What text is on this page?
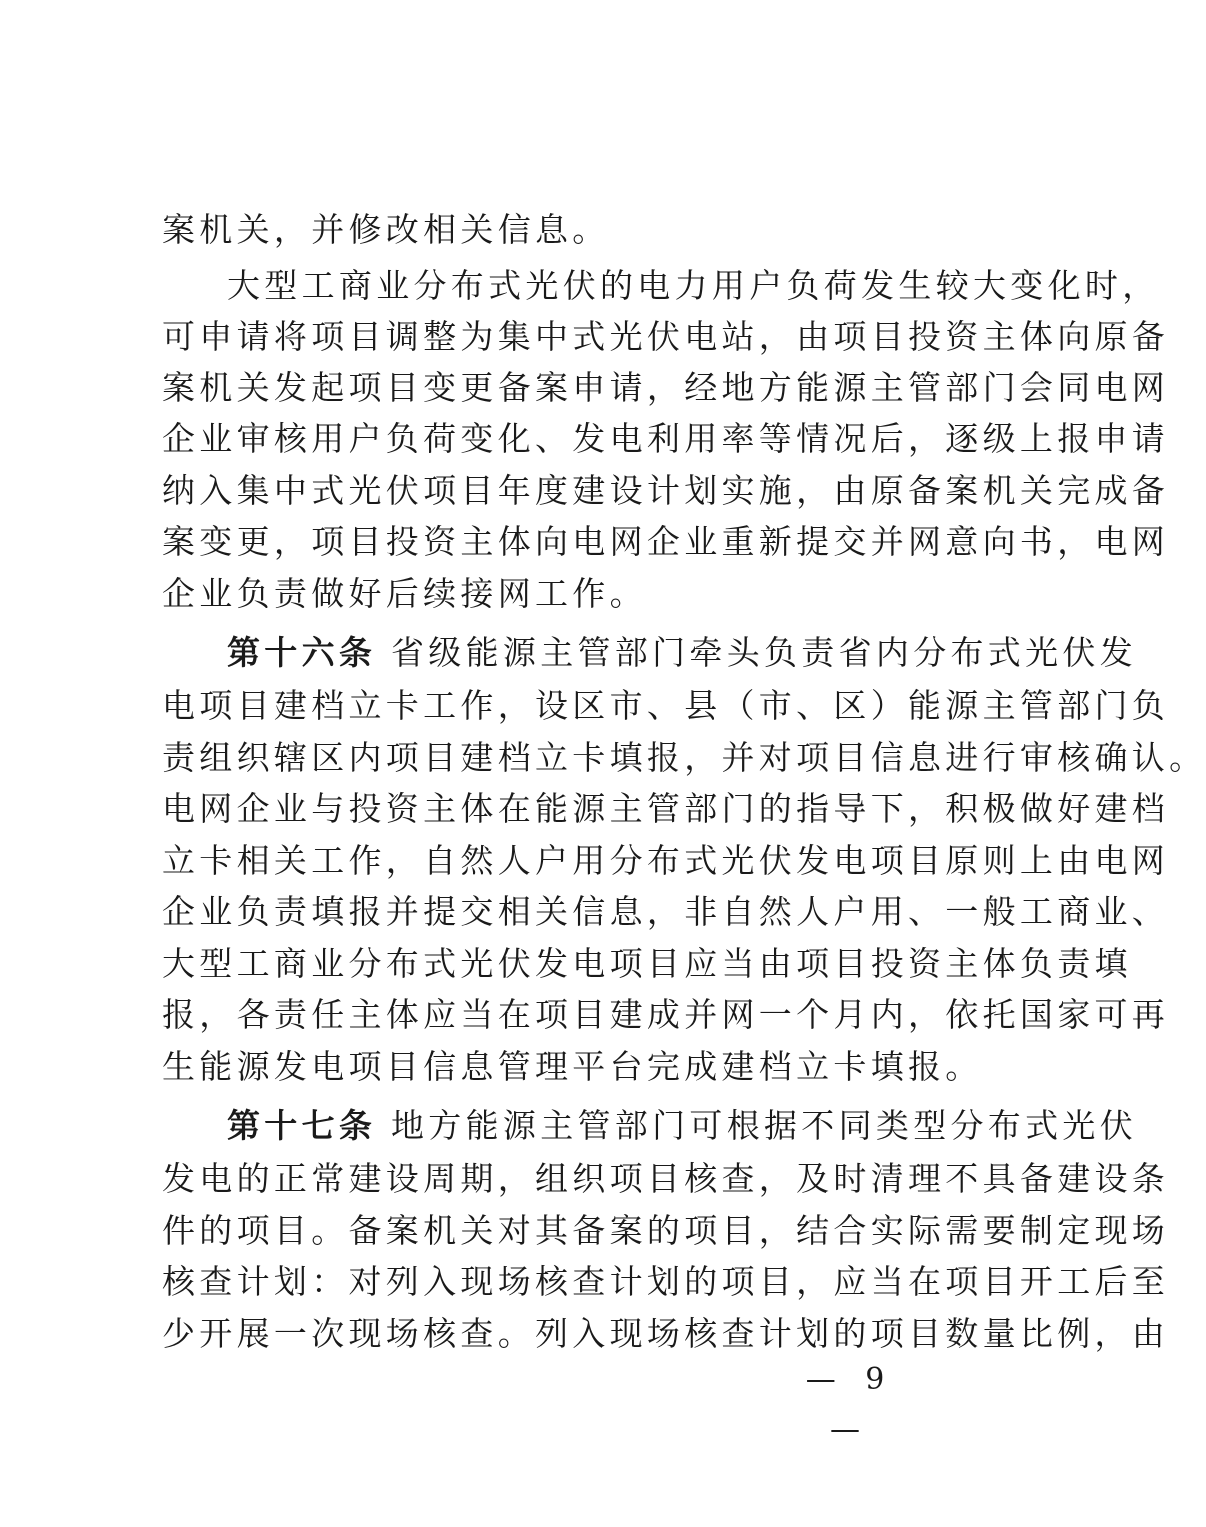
案机关，并修改相关信息。
大型工商业分布式光伏的电力用户负荷发生较大变化时，
可申请将项目调整为集中式光伏电站，由项目投资主体向原备
案机关发起项目变更备案申请，经地方能源主管部门会同电网
企业审核用户负荷变化、发电利用率等情况后，逐级上报申请
纳入集中式光伏项目年度建设计划实施，由原备案机关完成备
案变更，项目投资主体向电网企业重新提交并网意向书，电网
企业负责做好后续接网工作。
第十六条 省级能源主管部门牵头负责省内分布式光伏发
电项目建档立卡工作，设区市、县（市、区）能源主管部门负
责组织辖区内项目建档立卡填报，并对项目信息进行审核确认。
电网企业与投资主体在能源主管部门的指导下，积极做好建档
立卡相关工作，自然人户用分布式光伏发电项目原则上由电网
企业负责填报并提交相关信息，非自然人户用、一般工商业、
大型工商业分布式光伏发电项目应当由项目投资主体负责填
报，各责任主体应当在项目建成并网一个月内，依托国家可再
生能源发电项目信息管理平台完成建档立卡填报。
第十七条 地方能源主管部门可根据不同类型分布式光伏
发电的正常建设周期，组织项目核查，及时清理不具备建设条
件的项目。备案机关对其备案的项目，结合实际需要制定现场
核查计划：对列入现场核查计划的项目，应当在项目开工后至
少开展一次现场核查。列入现场核查计划的项目数量比例，由
— 9 —
